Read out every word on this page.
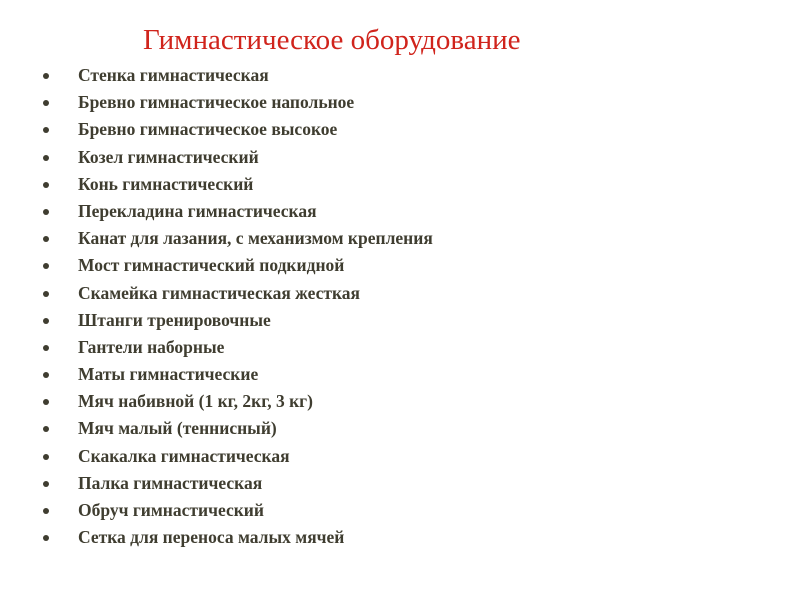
Гимнастическое оборудование
Стенка гимнастическая
Бревно гимнастическое напольное
Бревно гимнастическое высокое
Козел гимнастический
Конь гимнастический
Перекладина гимнастическая
Канат для лазания, с механизмом крепления
Мост гимнастический подкидной
Скамейка гимнастическая жесткая
Штанги тренировочные
Гантели наборные
Маты гимнастические
Мяч набивной (1 кг, 2кг, 3 кг)
Мяч малый (теннисный)
Скакалка гимнастическая
Палка гимнастическая
Обруч гимнастический
Сетка для переноса малых мячей
